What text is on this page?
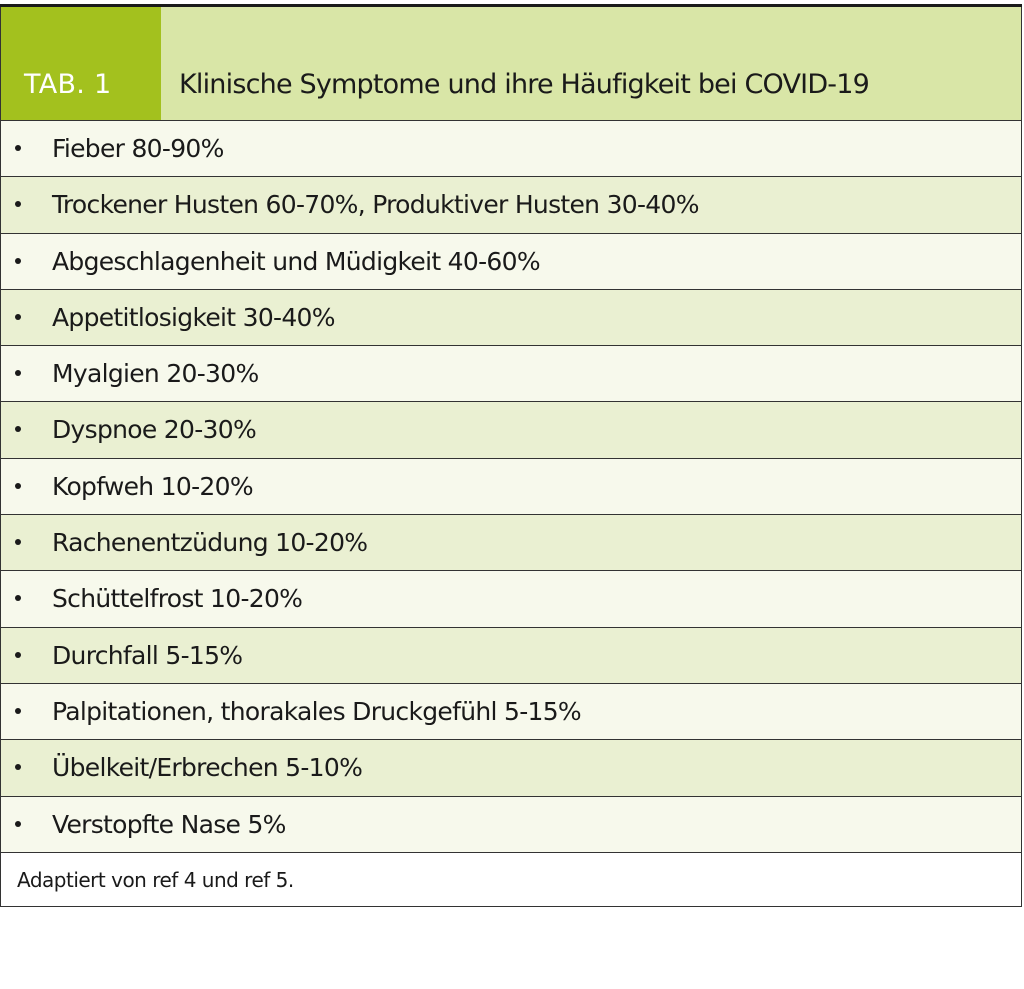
TAB. 1	Klinische Symptome und ihre Häufigkeit bei COVID-19
Fieber 80-90%
Trockener Husten 60-70%, Produktiver Husten 30-40%
Abgeschlagenheit und Müdigkeit 40-60%
Appetitlosigkeit 30-40%
Myalgien 20-30%
Dyspnoe 20-30%
Kopfweh 10-20%
Rachenentzüdung 10-20%
Schüttelfrost 10-20%
Durchfall 5-15%
Palpitationen, thorakales Druckgefühl 5-15%
Übelkeit/Erbrechen 5-10%
Verstopfte Nase 5%
Adaptiert von ref 4 und ref 5.
